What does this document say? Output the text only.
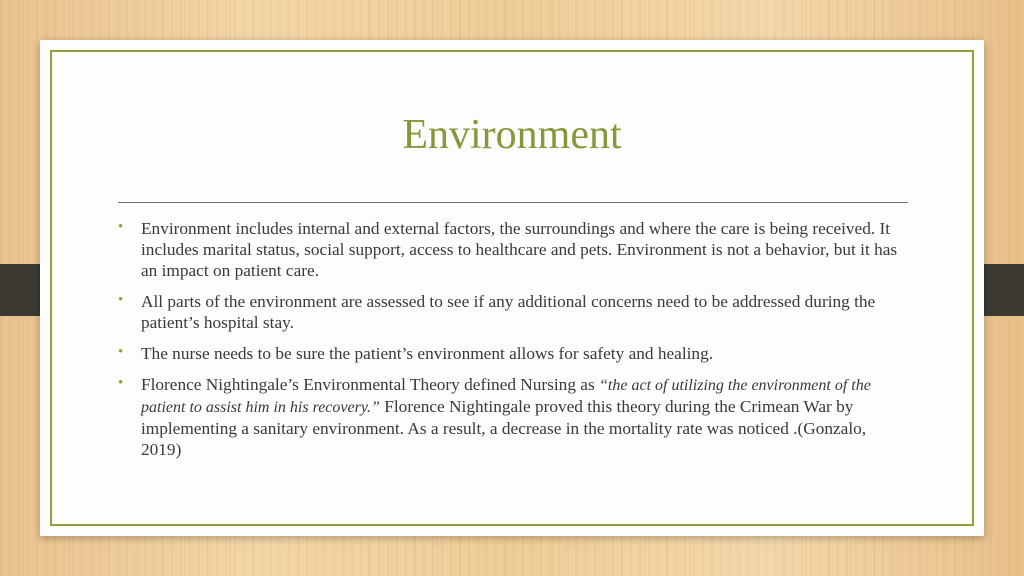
Environment
• Environment includes internal and external factors, the surroundings and where the care is being received. It includes marital status, social support, access to healthcare and pets. Environment is not a behavior, but it has an impact on patient care.
• All parts of the environment are assessed to see if any additional concerns need to be addressed during the patient’s hospital stay.
• The nurse needs to be sure the patient’s environment allows for safety and healing.
• Florence Nightingale’s Environmental Theory defined Nursing as “the act of utilizing the environment of the patient to assist him in his recovery.” Florence Nightingale proved this theory during the Crimean War by implementing a sanitary environment. As a result, a decrease in the mortality rate was noticed .(Gonzalo, 2019)
